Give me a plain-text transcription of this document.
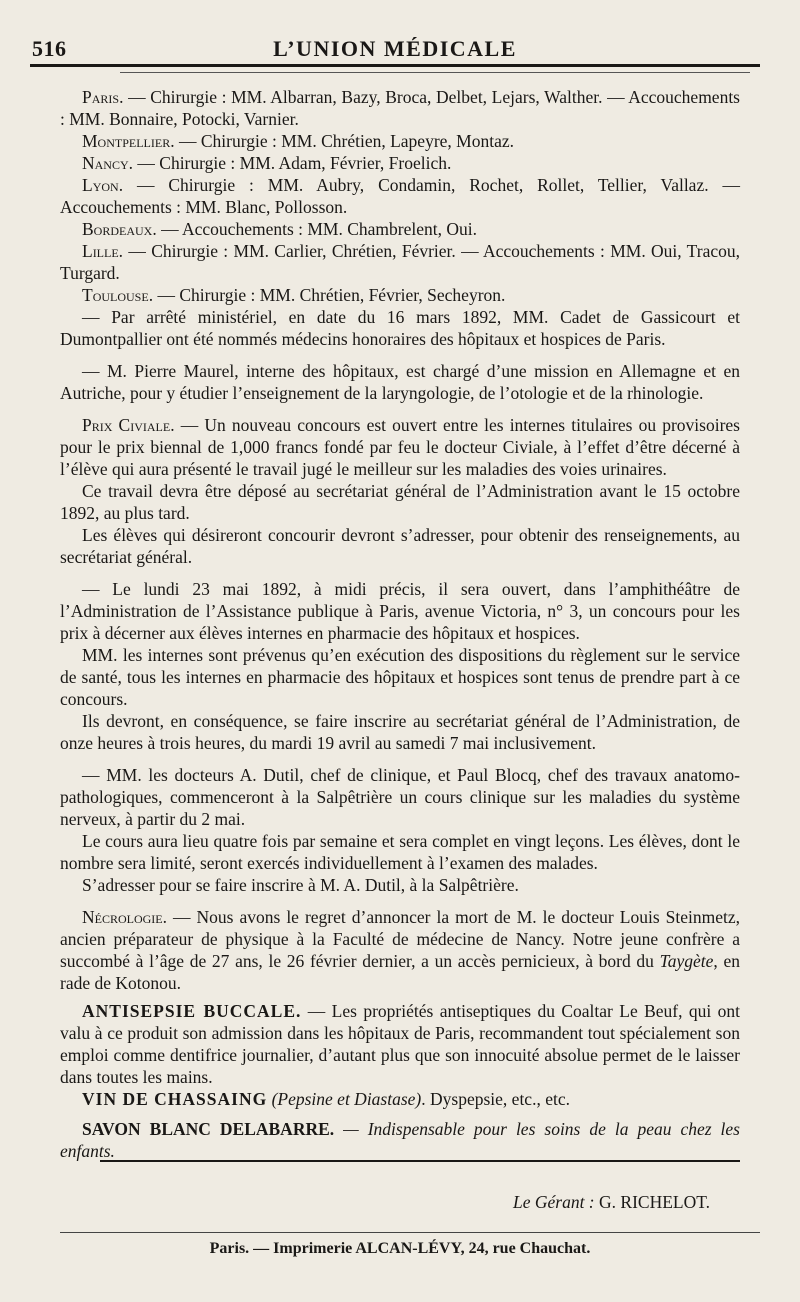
516	L’UNION MÉDICALE

Paris. — Chirurgie : MM. Albarran, Bazy, Broca, Delbet, Lejars, Walther. — Accouchements : MM. Bonnaire, Potocki, Varnier.

Montpellier. — Chirurgie : MM. Chrétien, Lapeyre, Montaz.

Nancy. — Chirurgie : MM. Adam, Février, Froelich.

Lyon. — Chirurgie : MM. Aubry, Condamin, Rochet, Rollet, Tellier, Vallaz. — Accouchements : MM. Blanc, Pollosson.

Bordeaux. — Accouchements : MM. Chambrelent, Oui.

Lille. — Chirurgie : MM. Carlier, Chrétien, Février. — Accouchements : MM. Oui, Tracou, Turgard.

Toulouse. — Chirurgie : MM. Chrétien, Février, Secheyron.

— Par arrêté ministériel, en date du 16 mars 1892, MM. Cadet de Gassicourt et Dumontpallier ont été nommés médecins honoraires des hôpitaux et hospices de Paris.

— M. Pierre Maurel, interne des hôpitaux, est chargé d’une mission en Allemagne et en Autriche, pour y étudier l’enseignement de la laryngologie, de l’otologie et de la rhinologie.

Prix Civiale. — Un nouveau concours est ouvert entre les internes titulaires ou provisoires pour le prix biennal de 1,000 francs fondé par feu le docteur Civiale, à l’effet d’être décerné à l’élève qui aura présenté le travail jugé le meilleur sur les maladies des voies urinaires.

Ce travail devra être déposé au secrétariat général de l’Administration avant le 15 octobre 1892, au plus tard.

Les élèves qui désireront concourir devront s’adresser, pour obtenir des renseignements, au secrétariat général.

— Le lundi 23 mai 1892, à midi précis, il sera ouvert, dans l’amphithéâtre de l’Administration de l’Assistance publique à Paris, avenue Victoria, n° 3, un concours pour les prix à décerner aux élèves internes en pharmacie des hôpitaux et hospices.

MM. les internes sont prévenus qu’en exécution des dispositions du règlement sur le service de santé, tous les internes en pharmacie des hôpitaux et hospices sont tenus de prendre part à ce concours.

Ils devront, en conséquence, se faire inscrire au secrétariat général de l’Administration, de onze heures à trois heures, du mardi 19 avril au samedi 7 mai inclusivement.

— MM. les docteurs A. Dutil, chef de clinique, et Paul Blocq, chef des travaux anatomo-pathologiques, commenceront à la Salpêtrière un cours clinique sur les maladies du système nerveux, à partir du 2 mai.

Le cours aura lieu quatre fois par semaine et sera complet en vingt leçons. Les élèves, dont le nombre sera limité, seront exercés individuellement à l’examen des malades.

S’adresser pour se faire inscrire à M. A. Dutil, à la Salpêtrière.

Nécrologie. — Nous avons le regret d’annoncer la mort de M. le docteur Louis Steinmetz, ancien préparateur de physique à la Faculté de médecine de Nancy. Notre jeune confrère a succombé à l’âge de 27 ans, le 26 février dernier, a un accès pernicieux, à bord du Taygète, en rade de Kotonou.

ANTISEPSIE BUCCALE. — Les propriétés antiseptiques du Coaltar Le Beuf, qui ont valu à ce produit son admission dans les hôpitaux de Paris, recommandent tout spécialement son emploi comme dentifrice journalier, d’autant plus que son innocuité absolue permet de le laisser dans toutes les mains.

VIN DE CHASSAING (Pepsine et Diastase). Dyspepsie, etc., etc.

SAVON BLANC DELABARRE. — Indispensable pour les soins de la peau chez les enfants.

Le Gérant : G. RICHELOT.
Paris. — Imprimerie ALCAN-LÉVY, 24, rue Chauchat.
